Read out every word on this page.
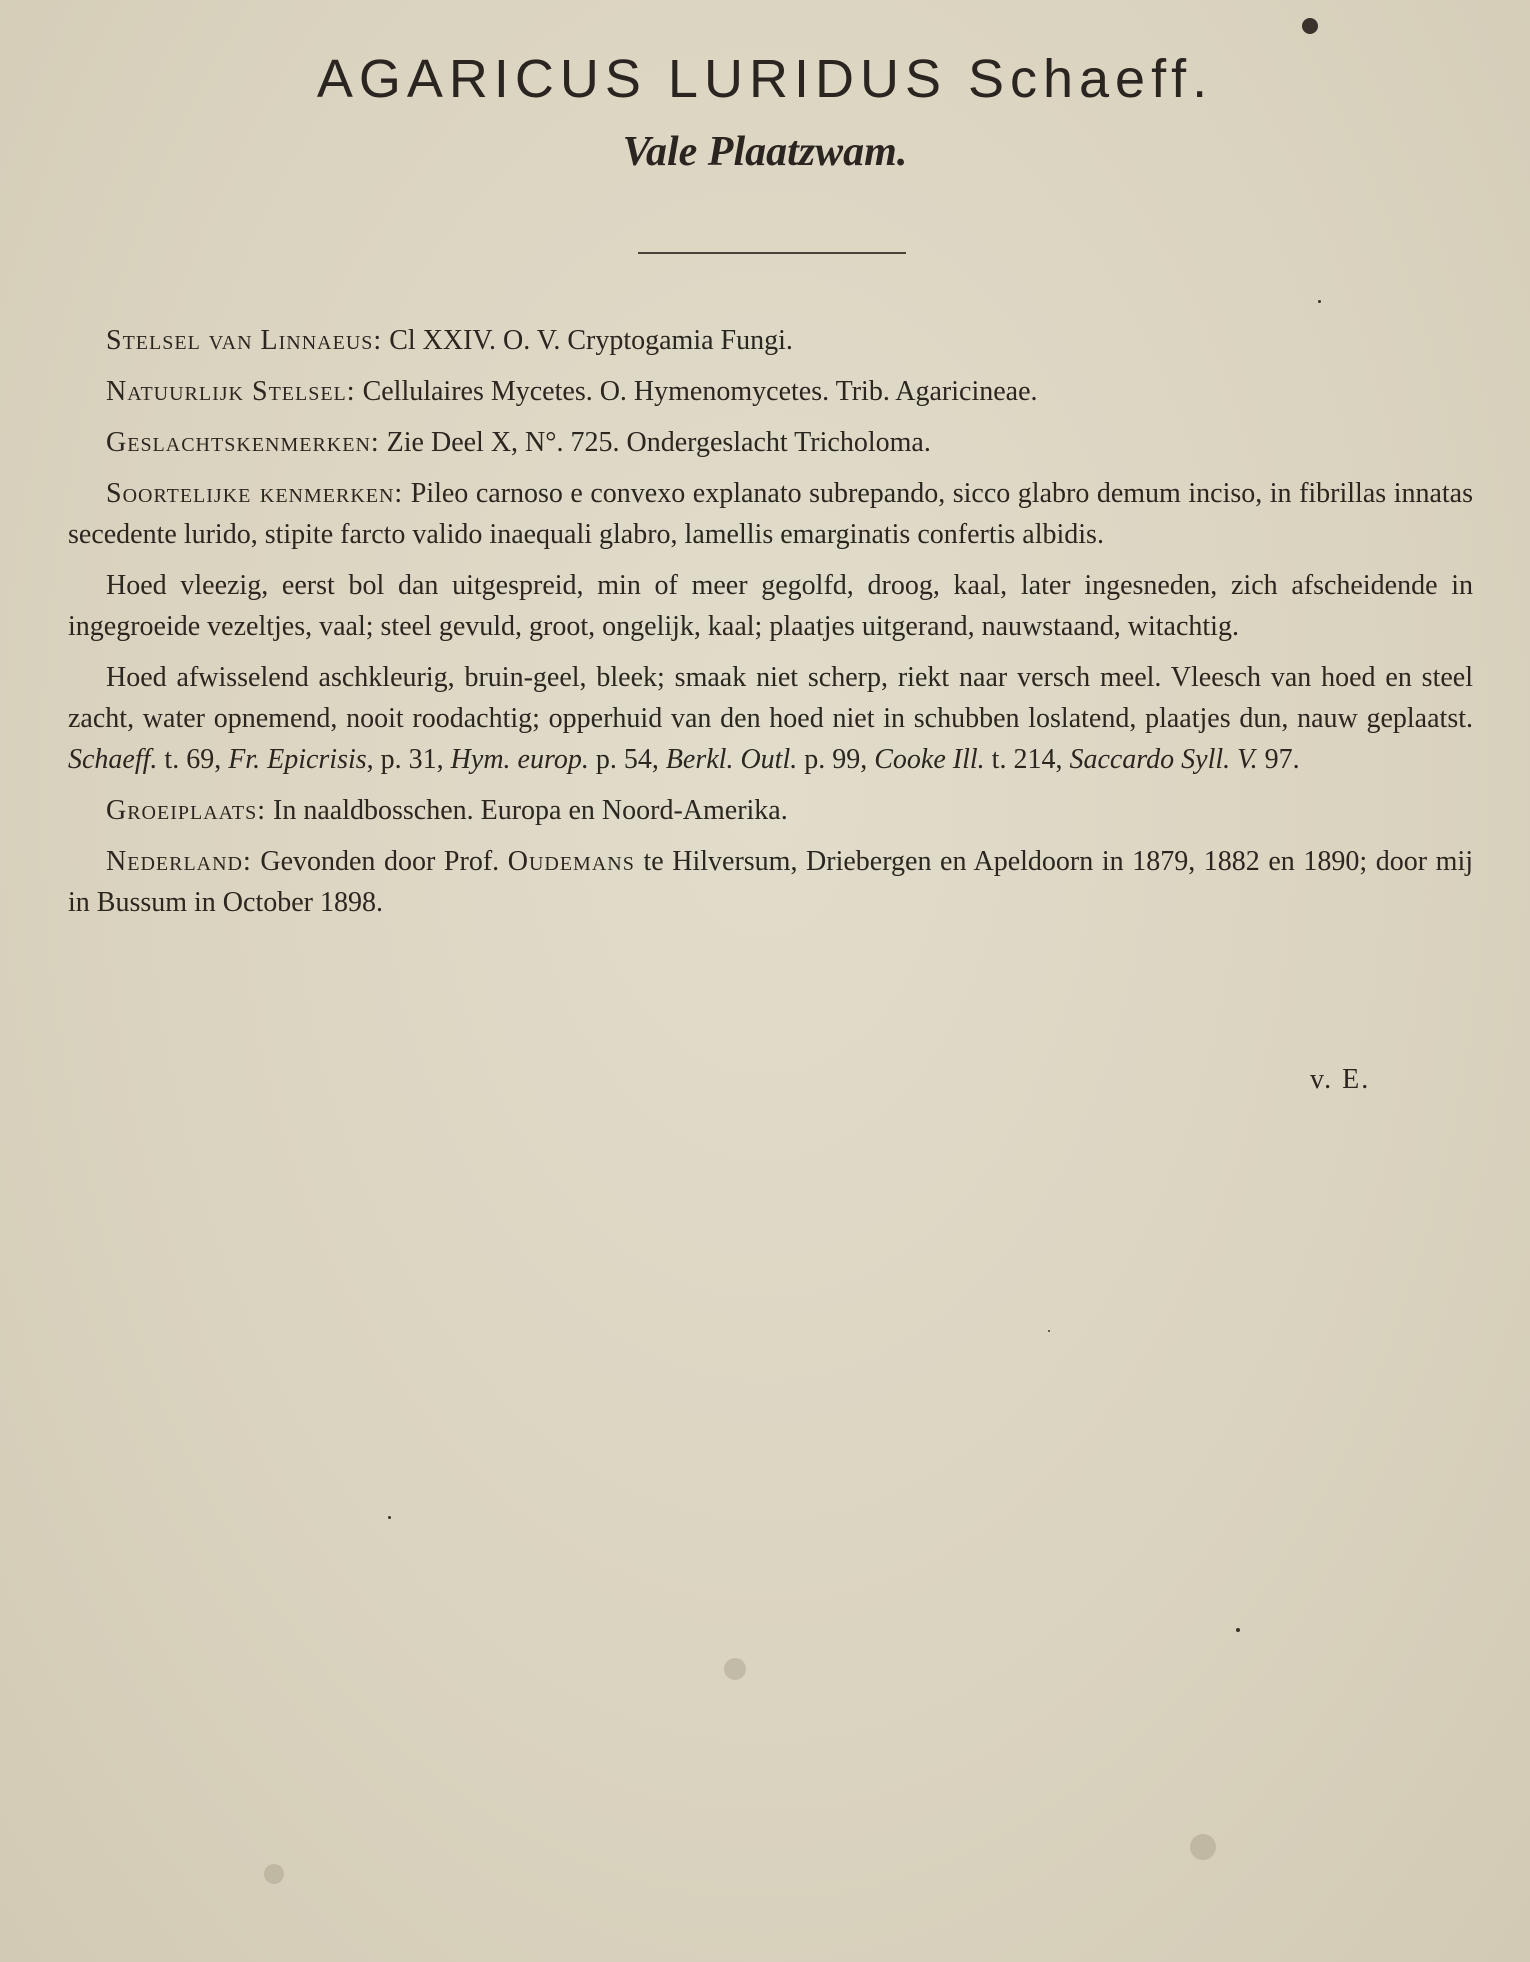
AGARICUS LURIDUS Schaeff.
Vale Plaatzwam.

Stelsel van Linnaeus: Cl XXIV. O. V. Cryptogamia Fungi.

Natuurlijk Stelsel: Cellulaires Mycetes. O. Hymenomycetes. Trib. Agaricineae.

Geslachtskenmerken: Zie Deel X, N°. 725. Ondergeslacht Tricholoma.

Soortelijke kenmerken: Pileo carnoso e convexo explanato subrepando, sicco glabro demum inciso, in fibrillas innatas secedente lurido, stipite farcto valido inaequali glabro, lamellis emarginatis confertis albidis.

Hoed vleezig, eerst bol dan uitgespreid, min of meer gegolfd, droog, kaal, later ingesneden, zich afscheidende in ingegroeide vezeltjes, vaal; steel gevuld, groot, ongelijk, kaal; plaatjes uitgerand, nauwstaand, witachtig.

Hoed afwisselend aschkleurig, bruin-geel, bleek; smaak niet scherp, riekt naar versch meel. Vleesch van hoed en steel zacht, water opnemend, nooit roodachtig; opperhuid van den hoed niet in schubben loslatend, plaatjes dun, nauw geplaatst. Schaeff. t. 69, Fr. Epicrisis, p. 31, Hym. europ. p. 54, Berkl. Outl. p. 99, Cooke Ill. t. 214, Saccardo Syll. V. 97.

Groeiplaats: In naaldbosschen. Europa en Noord-Amerika.

Nederland: Gevonden door Prof. Oudemans te Hilversum, Driebergen en Apeldoorn in 1879, 1882 en 1890; door mij in Bussum in October 1898.

v. E.
